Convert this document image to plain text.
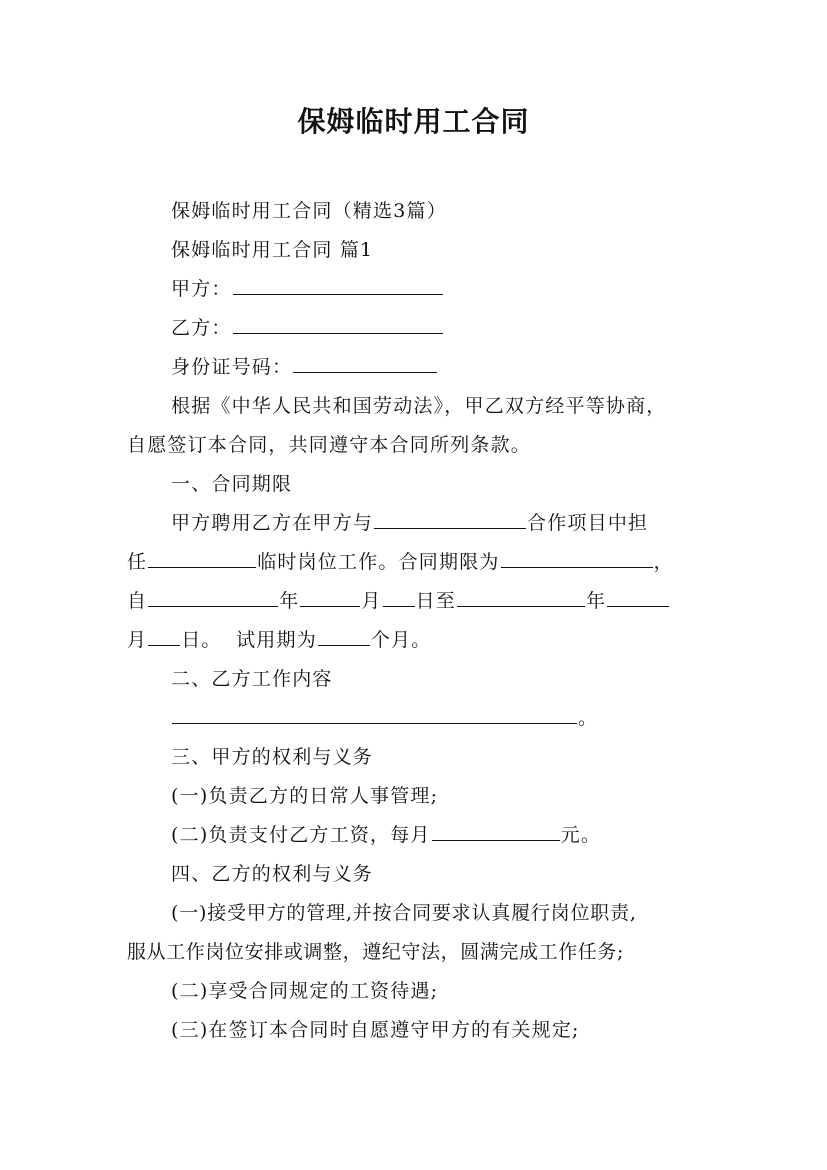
保姆临时用工合同
保姆临时用工合同（精选3篇）
保姆临时用工合同 篇1
甲方：
乙方：
身份证号码：
根据《中华人民共和国劳动法》，甲乙双方经平等协商，
自愿签订本合同，共同遵守本合同所列条款。
一、合同期限
甲方聘用乙方在甲方与	合作项目中担
任	临时岗位工作。合同期限为	，
自	年	月 日至	年
月 日。 试用期为	个月。
二、乙方工作内容
。
三、甲方的权利与义务
(一)负责乙方的日常人事管理;
(二)负责支付乙方工资，每月	元。
四、乙方的权利与义务
(一)接受甲方的管理,并按合同要求认真履行岗位职责,
服从工作岗位安排或调整，遵纪守法，圆满完成工作任务;
(二)享受合同规定的工资待遇;
(三)在签订本合同时自愿遵守甲方的有关规定;
